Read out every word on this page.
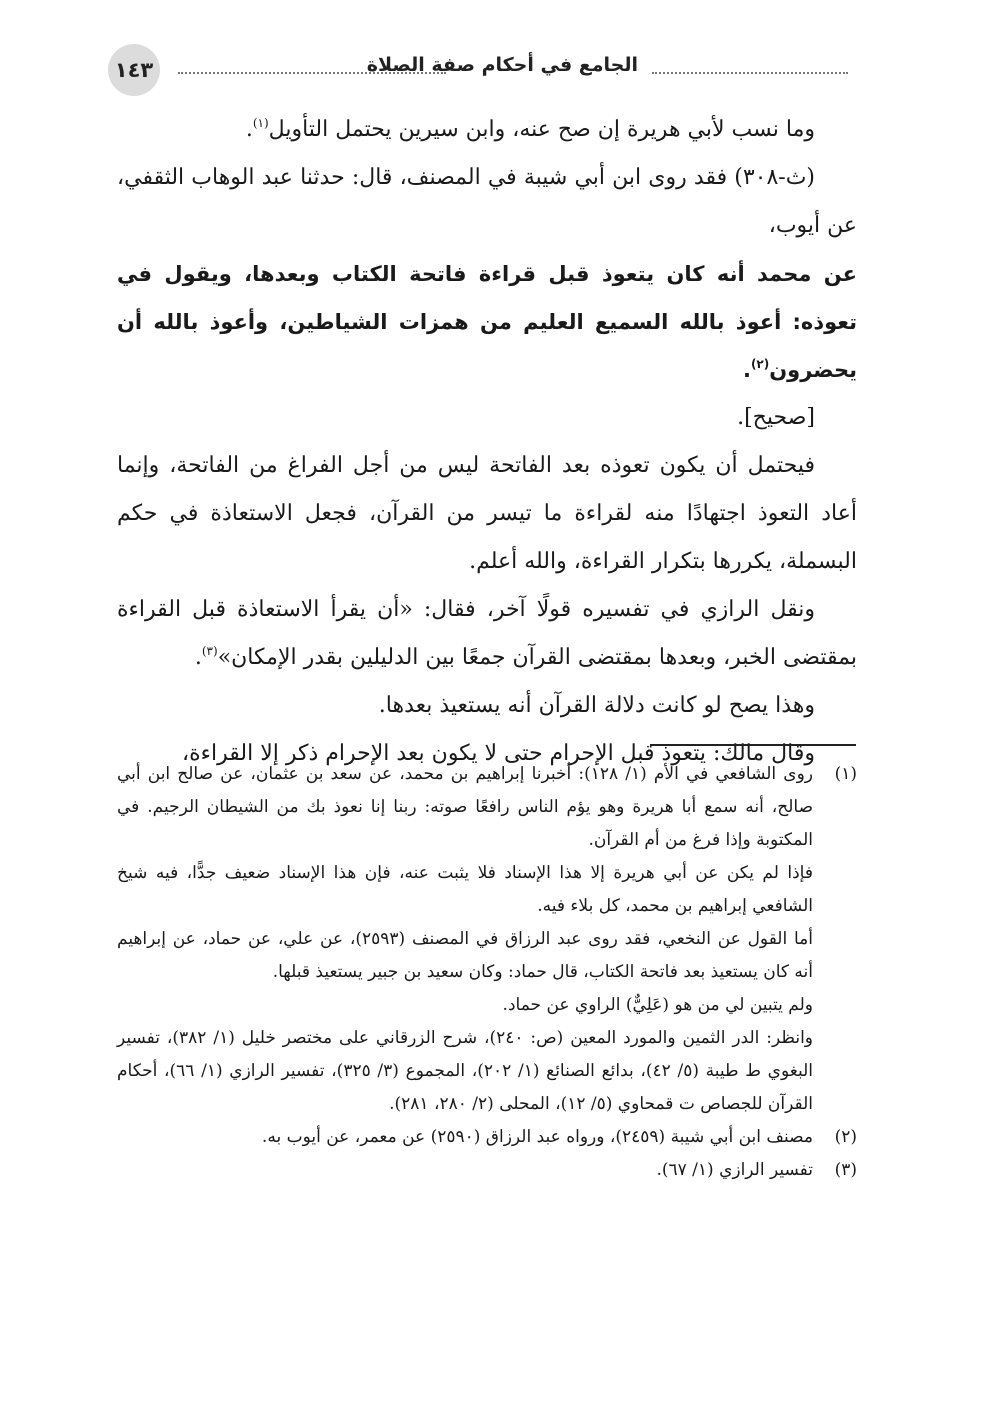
١٤٣	الجامع في أحكام صفة الصلاة

وما نسب لأبي هريرة إن صح عنه، وابن سيرين يحتمل التأويل$^{(١)}$.

(ث-٣٠٨) فقد روى ابن أبي شيبة في المصنف، قال: حدثنا عبد الوهاب الثقفي، عن أيوب،

عن محمد أنه كان يتعوذ قبل قراءة فاتحة الكتاب وبعدها، ويقول في تعوذه: أعوذ بالله السميع العليم من همزات الشياطين، وأعوذ بالله أن يحضرون$^{(٢)}$.

[صحيح].

فيحتمل أن يكون تعوذه بعد الفاتحة ليس من أجل الفراغ من الفاتحة، وإنما أعاد التعوذ اجتهادًا منه لقراءة ما تيسر من القرآن، فجعل الاستعاذة في حكم البسملة، يكررها بتكرار القراءة، والله أعلم.

ونقل الرازي في تفسيره قولًا آخر، فقال: «أن يقرأ الاستعاذة قبل القراءة بمقتضى الخبر، وبعدها بمقتضى القرآن جمعًا بين الدليلين بقدر الإمكان»$^{(٣)}$.

وهذا يصح لو كانت دلالة القرآن أنه يستعيذ بعدها.

وقال مالك: يتعوذ قبل الإحرام حتى لا يكون بعد الإحرام ذكر إلا القراءة،

(١)
روى الشافعي في الأم (١/ ١٢٨): أخبرنا إبراهيم بن محمد، عن سعد بن عثمان، عن صالح ابن أبي صالح، أنه سمع أبا هريرة وهو يؤم الناس رافعًا صوته: ربنا إنا نعوذ بك من الشيطان الرجيم. في المكتوبة وإذا فرغ من أم القرآن.

فإذا لم يكن عن أبي هريرة إلا هذا الإسناد فلا يثبت عنه، فإن هذا الإسناد ضعيف جدًّا، فيه شيخ الشافعي إبراهيم بن محمد، كل بلاء فيه.

أما القول عن النخعي، فقد روى عبد الرزاق في المصنف (٢٥٩٣)، عن علي، عن حماد، عن إبراهيم أنه كان يستعيذ بعد فاتحة الكتاب، قال حماد: وكان سعيد بن جبير يستعيذ قبلها.

ولم يتبين لي من هو (عَلِيٌّ) الراوي عن حماد.

وانظر: الدر الثمين والمورد المعين (ص: ٢٤٠)، شرح الزرقاني على مختصر خليل (١/ ٣٨٢)، تفسير البغوي ط طيبة (٥/ ٤٢)، بدائع الصنائع (١/ ٢٠٢)، المجموع (٣/ ٣٢٥)، تفسير الرازي (١/ ٦٦)، أحكام القرآن للجصاص ت قمحاوي (٥/ ١٢)، المحلى (٢/ ٢٨٠، ٢٨١).

(٢)
مصنف ابن أبي شيبة (٢٤٥٩)، ورواه عبد الرزاق (٢٥٩٠) عن معمر، عن أيوب به.

(٣)
تفسير الرازي (١/ ٦٧).
